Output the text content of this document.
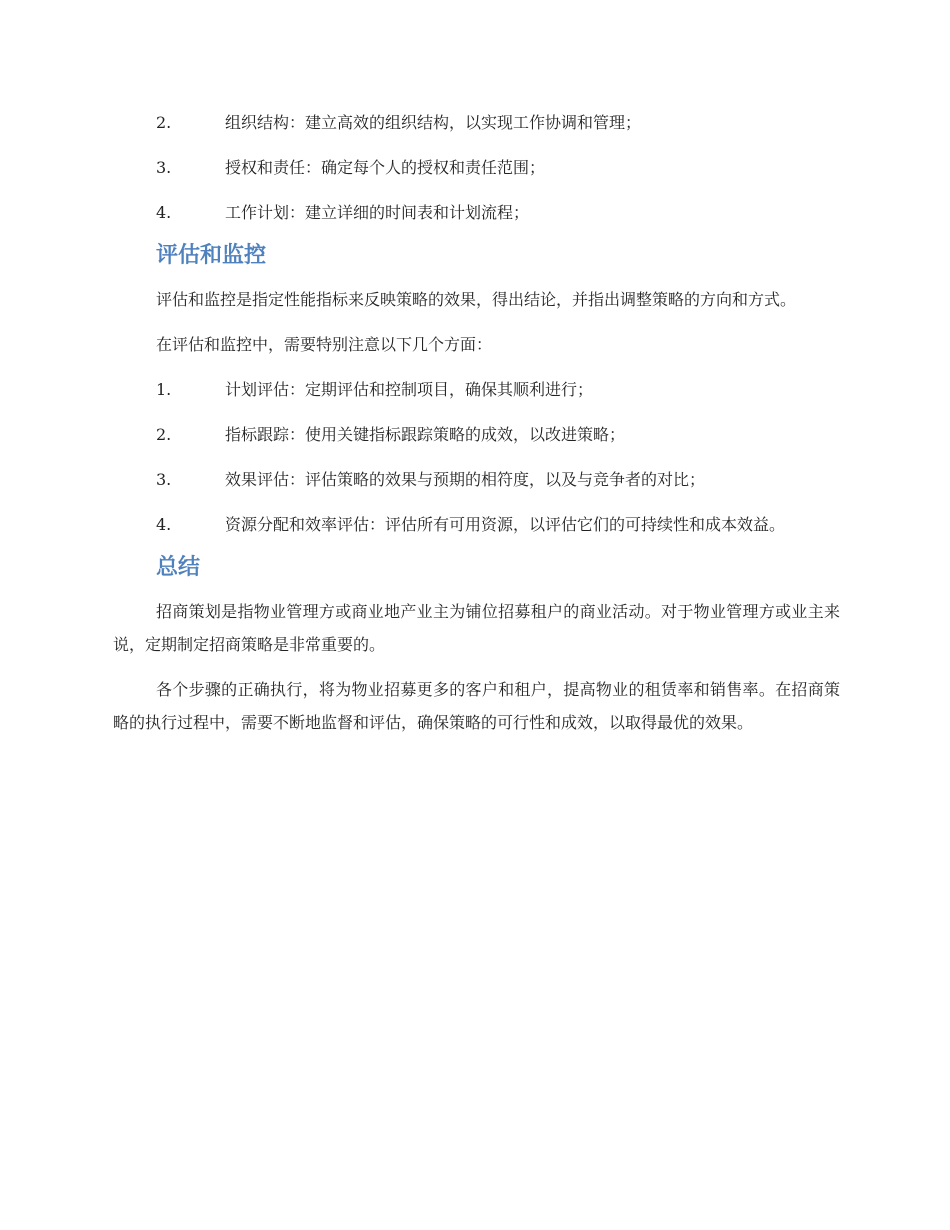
2.	组织结构：建立高效的组织结构，以实现工作协调和管理；
3.	授权和责任：确定每个人的授权和责任范围；
4.	工作计划：建立详细的时间表和计划流程；
评估和监控

评估和监控是指定性能指标来反映策略的效果，得出结论，并指出调整策略的方向和方式。

在评估和监控中，需要特别注意以下几个方面：

1.	计划评估：定期评估和控制项目，确保其顺利进行；
2.	指标跟踪：使用关键指标跟踪策略的成效，以改进策略；
3.	效果评估：评估策略的效果与预期的相符度，以及与竞争者的对比；
4.	资源分配和效率评估：评估所有可用资源，以评估它们的可持续性和成本效益。
总结

招商策划是指物业管理方或商业地产业主为铺位招募租户的商业活动。对于物业管理方或业主来说，定期制定招商策略是非常重要的。

各个步骤的正确执行，将为物业招募更多的客户和租户，提高物业的租赁率和销售率。在招商策略的执行过程中，需要不断地监督和评估，确保策略的可行性和成效，以取得最优的效果。
